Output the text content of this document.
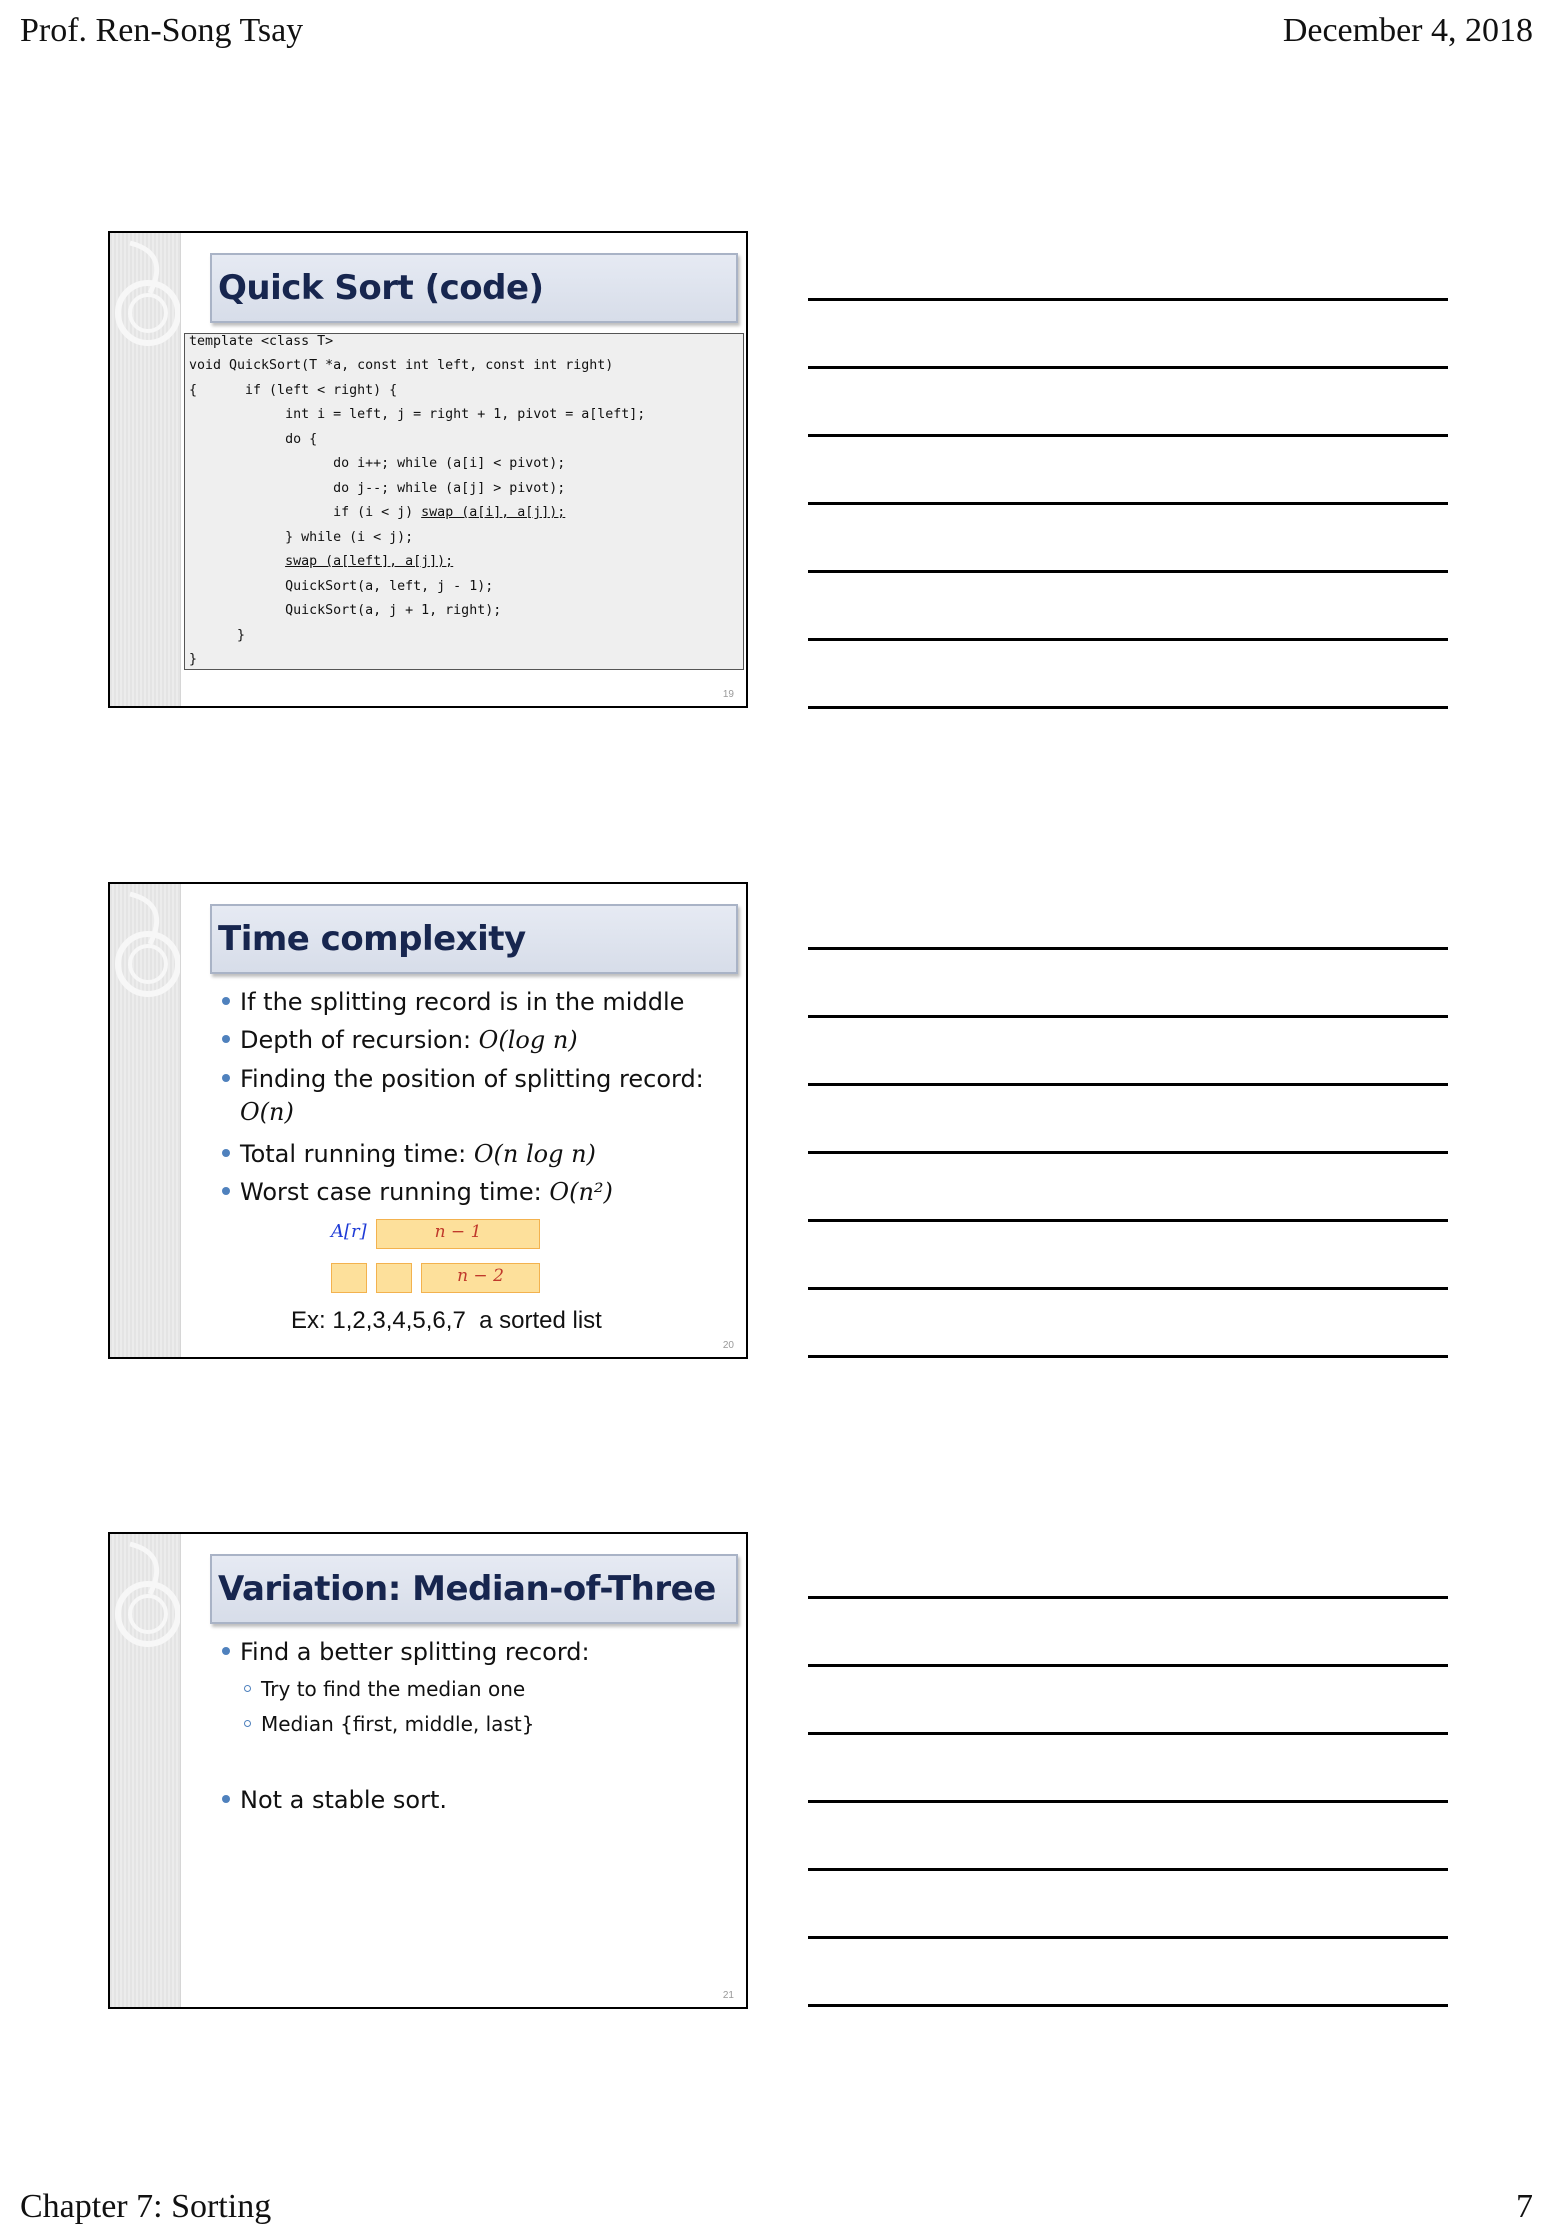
Prof. Ren-Song Tsay	December 4, 2018
Quick Sort (code)
template <class T>
void QuickSort(T *a, const int left, const int right)
{      if (left < right) {
int i = left, j = right + 1, pivot = a[left];
do {
do i++; while (a[i] < pivot);
do j--; while (a[j] > pivot);
if (i < j) swap (a[i], a[j]);
} while (i < j);
swap (a[left], a[j]);
QuickSort(a, left, j - 1);
QuickSort(a, j + 1, right);
}
}
19
Time complexity
If the splitting record is in the middle
Depth of recursion: O(log n)
Finding the position of splitting record:
O(n)
Total running time: O(n log n)
Worst case running time: O(n²)
A[r]	n − 1
n − 2
Ex: 1,2,3,4,5,6,7  a sorted list
20
Variation: Median-of-Three
Find a better splitting record:
Try to find the median one
Median {first, middle, last}
Not a stable sort.
21
Chapter 7: Sorting	7
